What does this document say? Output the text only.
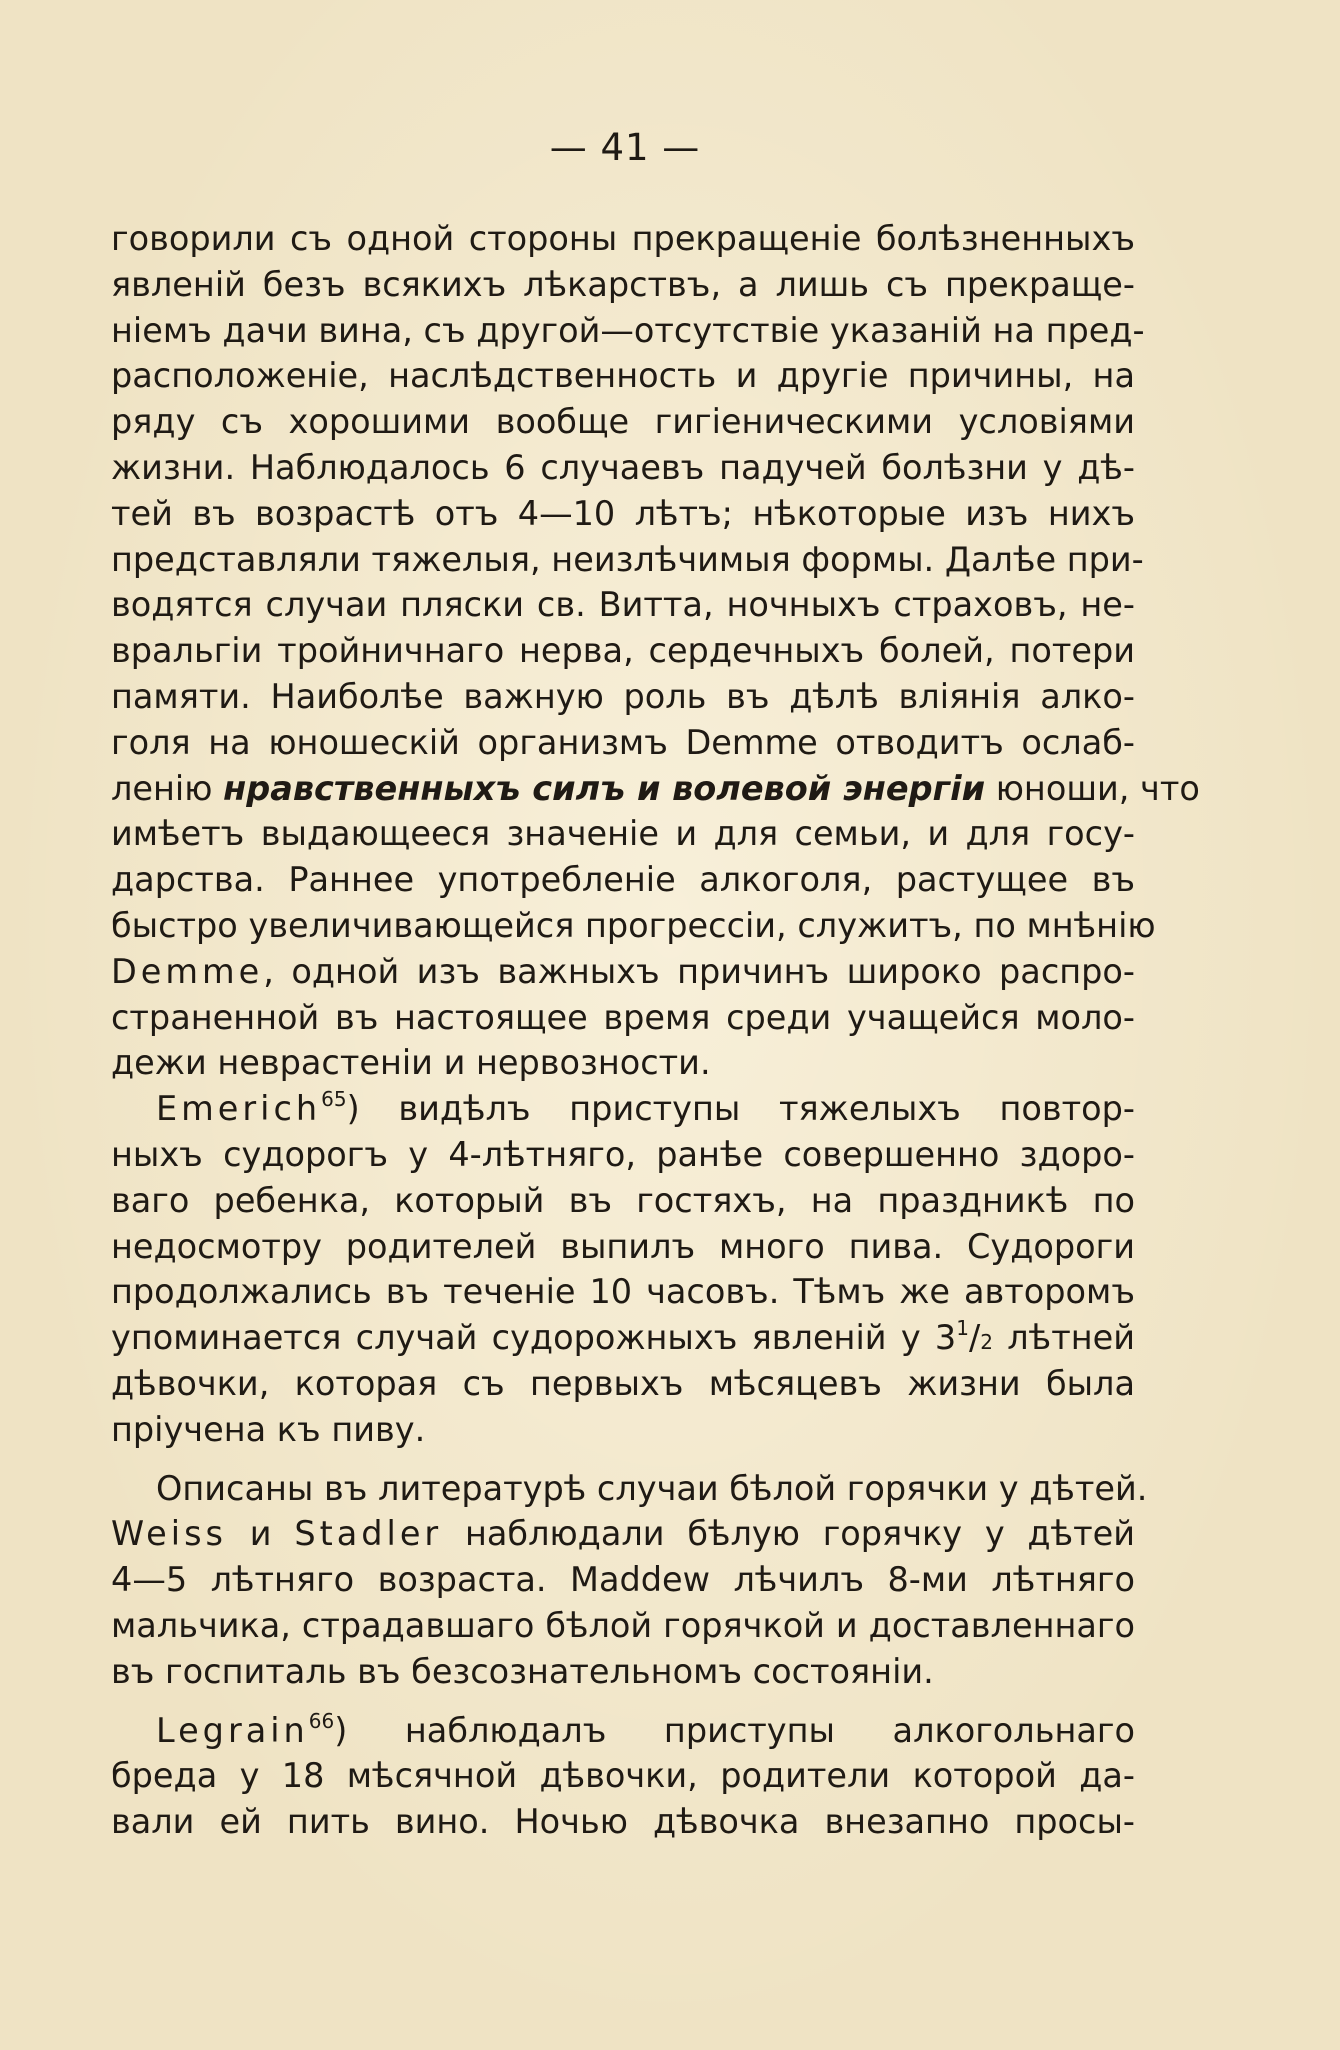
— 41 —
говорили съ одной стороны прекращеніе болѣзненныхъ
явленій безъ всякихъ лѣкарствъ, а лишь съ прекраще-
ніемъ дачи вина, съ другой—отсутствіе указаній на пред-
расположеніе, наслѣдственность и другіе причины, на
ряду съ хорошими вообще гигіеническими условіями
жизни. Наблюдалось 6 случаевъ падучей болѣзни у дѣ-
тей въ возрастѣ отъ 4—10 лѣтъ; нѣкоторые изъ нихъ
представляли тяжелыя, неизлѣчимыя формы. Далѣе при-
водятся случаи пляски св. Витта, ночныхъ страховъ, не-
вральгіи тройничнаго нерва, сердечныхъ болей, потери
памяти. Наиболѣе важную роль въ дѣлѣ вліянія алко-
голя на юношескій организмъ Demme отводитъ ослаб-
ленію нравственныхъ силъ и волевой энергіи юноши, что
имѣетъ выдающееся значеніе и для семьи, и для госу-
дарства. Раннее употребленіе алкоголя, растущее въ
быстро увеличивающейся прогрессіи, служитъ, по мнѣнію
Demme, одной изъ важныхъ причинъ широко распро-
страненной въ настоящее время среди учащейся моло-
дежи неврастеніи и нервозности.
Emerich$^{65}$) видѣлъ приступы тяжелыхъ повтор-
ныхъ судорогъ у 4-лѣтняго, ранѣе совершенно здоро-
ваго ребенка, который въ гостяхъ, на праздникѣ по
недосмотру родителей выпилъ много пива. Судороги
продолжались въ теченіе 10 часовъ. Тѣмъ же авторомъ
упоминается случай судорожныхъ явленій у $3^1/2$ лѣтней
дѣвочки, которая съ первыхъ мѣсяцевъ жизни была
пріучена къ пиву.
Описаны въ литературѣ случаи бѣлой горячки у дѣтей.
Weiss и Stadler наблюдали бѣлую горячку у дѣтей
4—5 лѣтняго возраста. Maddew лѣчилъ 8-ми лѣтняго
мальчика, страдавшаго бѣлой горячкой и доставленнаго
въ госпиталь въ безсознательномъ состояніи.
Legrain$^{66}$) наблюдалъ приступы алкогольнаго
бреда у 18 мѣсячной дѣвочки, родители которой да-
вали ей пить вино. Ночью дѣвочка внезапно просы-
